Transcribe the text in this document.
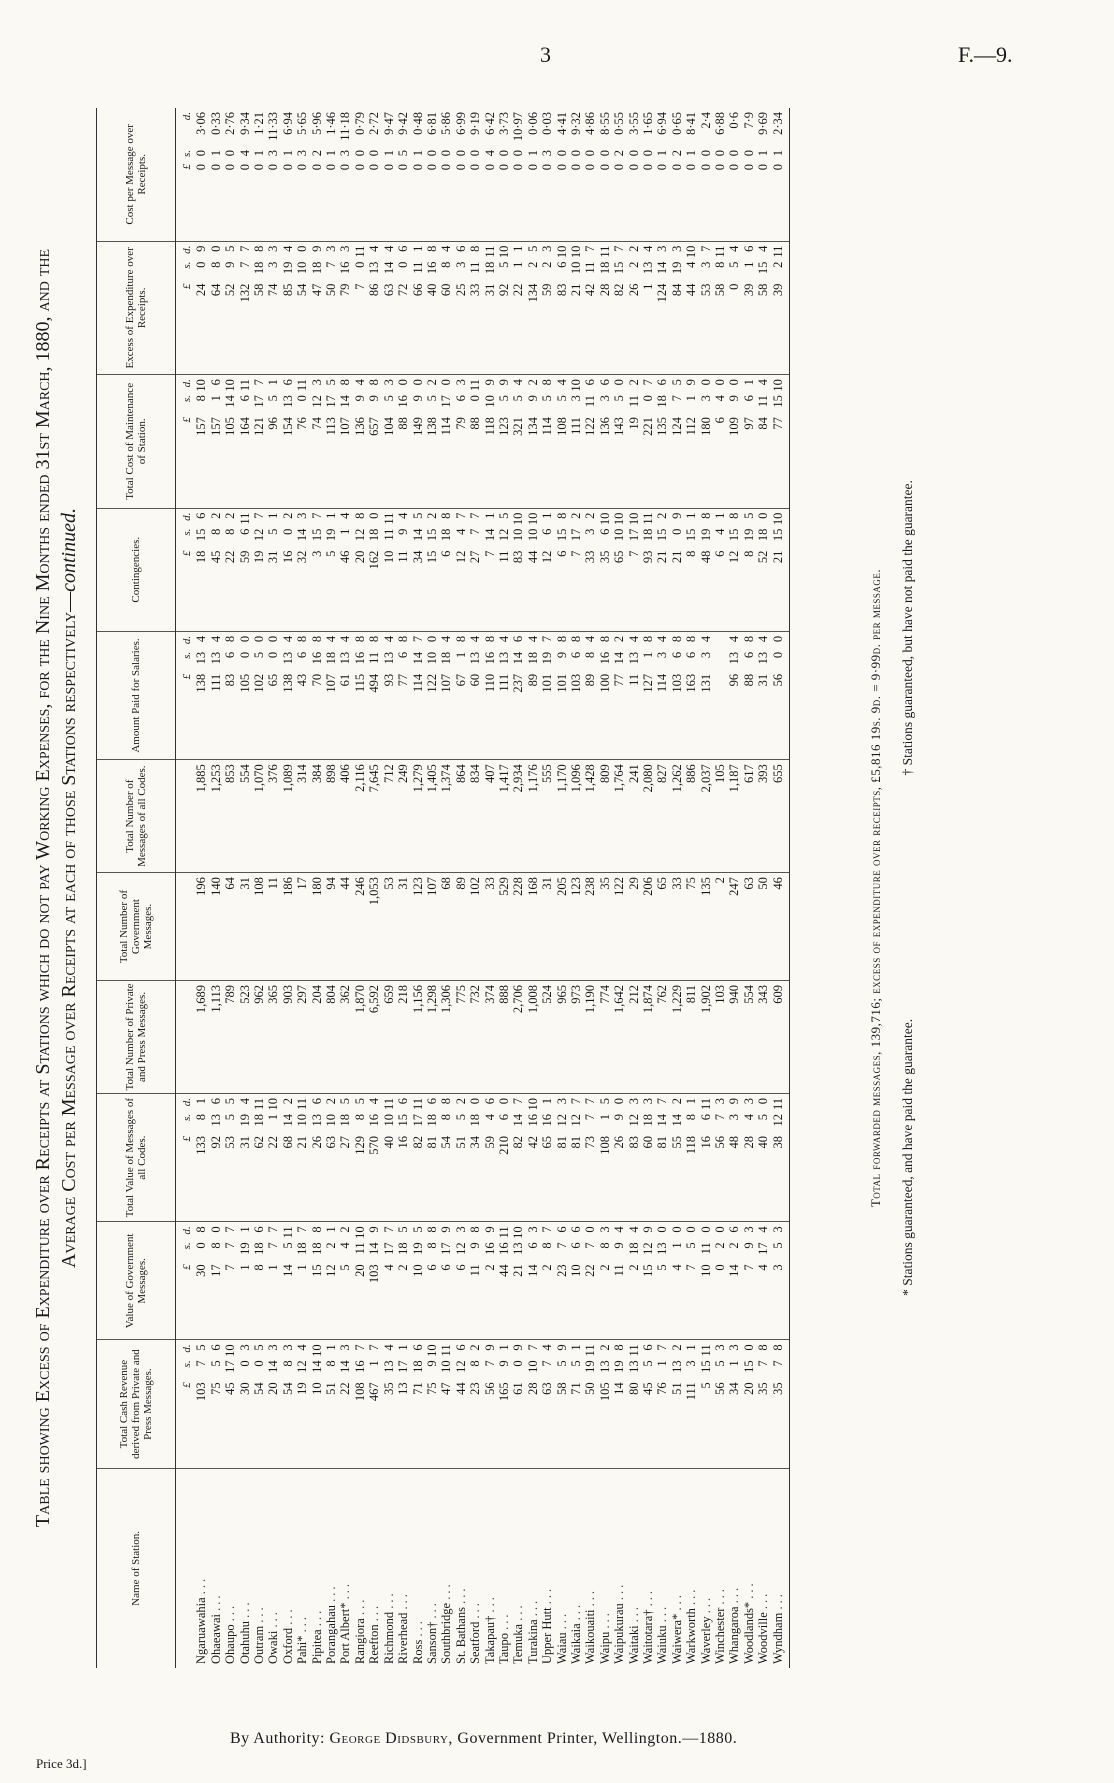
3	F.—9.
Table showing Excess of Expenditure over Receipts at Stations which do not pay Working Expenses, for the Nine Months ended 31st March, 1880, and the Average Cost per Message over Receipts at each of those Stations respectively—continued.
Name of Station.	Total Cash Revenue derived from Private and Press Messages.	Value of Government Messages.	Total Value of Messages of all Codes.	Total Number of Private and Press Messages.	Total Number of Government Messages.	Total Number of Messages of all Codes.	Amount Paid for Salaries.	Contingencies.	Total Cost of Maintenance of Station.	Excess of Expenditure over Receipts.	Cost per Message over Receipts.
	£s.d.	£s.d.	£s.d.				£s.d.	£s.d.	£s.d.	£s.d.	£s.d.
Ngaruawahia ...	10375	3008	13381	1,689	196	1,885	138134	18156	157810	2409	003·06
Ohaeawai ...	7556	1780	92136	1,113	140	1,253	111134	4582	15716	6480	010·33
Ohaupo ...	451710	777	5355	789	64	853	8368	2282	1051410	5295	002·76
Otahuhu ...	3003	1191	31194	523	31	554	10500	59611	164611	13277	049·34
Outram ...	5405	8186	621811	962	108	1,070	10250	19127	121177	58188	011·21
Owaki ...	20143	177	22110	365	11	376	6500	3151	9651	7433	0311·33
Oxford ...	5483	14511	68142	903	186	1,089	138134	1602	154136	85194	016·94
Pahi* ...	19124	1187	211011	297	17	314	4368	32143	76011	54100	035·65
Pipitea ...	101410	15188	26136	204	180	384	70168	3157	74123	47189	025·96
Porangahau ...	5181	1221	63102	804	94	898	107184	5191	113175	5073	011·46
Port Albert* ...	22143	542	27185	362	44	406	61134	4614	107148	79163	0311·18
Rangiora ...	108167	201110	12985	1,870	246	2,116	115168	20128	13694	7011	000·79
Reefton ...	46717	103149	570164	6,592	1,053	7,645	494118	162180	65798	86134	002·72
Richmond ...	35134	4177	401011	659	53	712	93134	101111	10453	63144	019·47
Riverhead ...	13171	2185	16156	218	31	249	7768	1194	88160	7206	059·42
Ross ...	71186	10195	821711	1,156	123	1,279	114147	34145	14990	66111	010·48
Sanson† ...	75910	688	81186	1,298	107	1,405	122100	15152	13852	40168	006·81
Southbridge ...	471011	6179	5488	1,306	68	1,374	107184	6188	114170	6084	005·86
St. Bathans ...	44126	6123	5152	775	89	864	6718	1247	7963	2536	006·99
Seatford ...	2382	1198	34180	732	102	834	60134	2777	88011	33118	009·19
Takapau† ...	5679	2169	5946	374	33	407	110168	7141	118109	311811	046·42
Taupo ...	16591	441611	21060	888	529	1,417	111134	11125	12359	92510	003·73
Temuka ...	6109	211310	82147	2,706	228	2,934	237146	831010	32154	2211	0010·97
Turakina ...	28107	1463	421610	1,008	168	1,176	89184	441010	13492	13425	010·06
Upper Hutt ...	6374	287	65161	524	31	555	101197	1261	11458	5923	030·03
Waiau ...	5859	2376	81123	965	205	1,170	10198	6158	10854	83610	004·41
Waikaia ...	7151	1066	81127	973	123	1,096	10368	7172	111310	211010	009·32
Waikouaiti ...	501911	2270	7377	1,190	238	1,428	8984	3332	122116	42117	004·86
Waipu ...	105132	283	10815	774	35	809	100168	35610	13636	281811	008·55
Waipukurau ...	14198	1194	2690	1,642	122	1,764	77142	651010	14350	82157	020·55
Waitaki ...	801311	2184	83123	212	29	241	11134	71710	19112	2622	003·55
Waitotara† ...	4556	15129	60183	1,874	206	2,080	12718	931811	22107	1134	001·65
Waiuku ...	7617	5130	81147	762	65	827	11434	21152	135186	124143	016·94
Waiwera* ...	51132	410	55142	1,229	33	1,262	10368	2109	12475	84193	020·65
Warkworth ...	11131	750	11881	811	75	886	16368	8151	11219	44410	018·41
Waverley ...	51511	10110	16611	1,902	135	2,037	13134	48198	18030	5337	002·4
Winchester ...	5653	020	5673	103	2	105		641	640	58811	006·88
Whangaroa ...	3413	1426	4839	940	247	1,187	96134	12158	10990	054	000·6
Woodlands* ...	20150	793	2843	554	63	617	8868	8195	9761	3916	007·9
Woodville ...	3578	4174	4050	343	50	393	31134	52180	84114	58154	019·69
Wyndham ...	3578	353	381211	609	46	655	5600	211510	771510	39211	012·34
Total forwarded messages, 139,716; excess of expenditure over receipts, £5,816 19s. 9d. = 9·99d. per message. * Stations guaranteed, and have paid the guarantee. † Stations guaranteed, but have not paid the guarantee.
By Authority: George Didsbury, Government Printer, Wellington.—1880.
Price 3d.]
